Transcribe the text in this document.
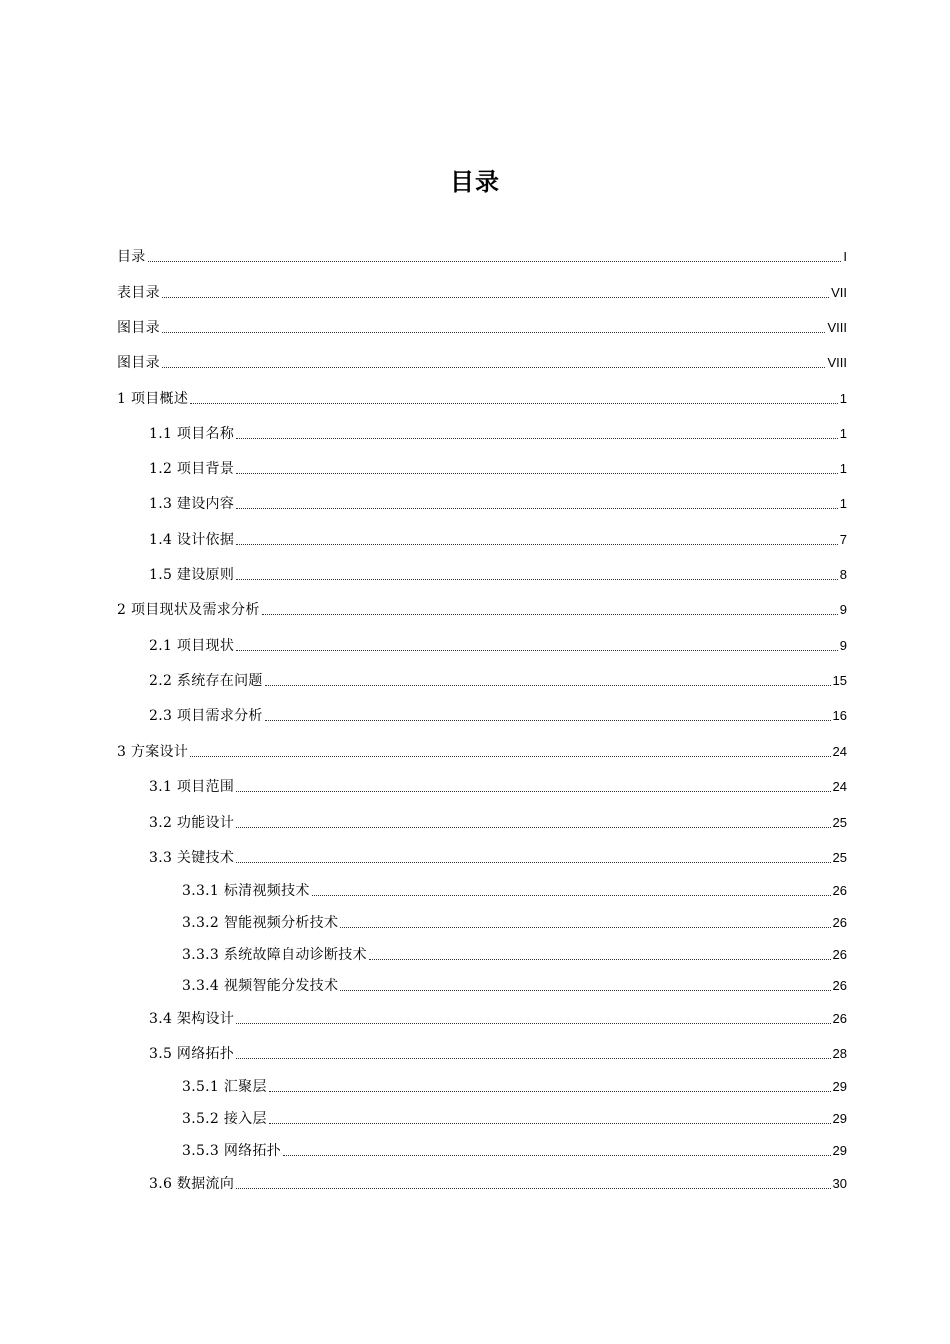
目录
目录	I
表目录	VII
图目录	VIII
图目录	VIII
1 项目概述	1
1.1 项目名称	1
1.2 项目背景	1
1.3 建设内容	1
1.4 设计依据	7
1.5 建设原则	8
2 项目现状及需求分析	9
2.1 项目现状	9
2.2 系统存在问题	15
2.3 项目需求分析	16
3 方案设计	24
3.1 项目范围	24
3.2 功能设计	25
3.3 关键技术	25
3.3.1 标清视频技术	26
3.3.2 智能视频分析技术	26
3.3.3 系统故障自动诊断技术	26
3.3.4 视频智能分发技术	26
3.4 架构设计	26
3.5 网络拓扑	28
3.5.1 汇聚层	29
3.5.2 接入层	29
3.5.3 网络拓扑	29
3.6 数据流向	30
